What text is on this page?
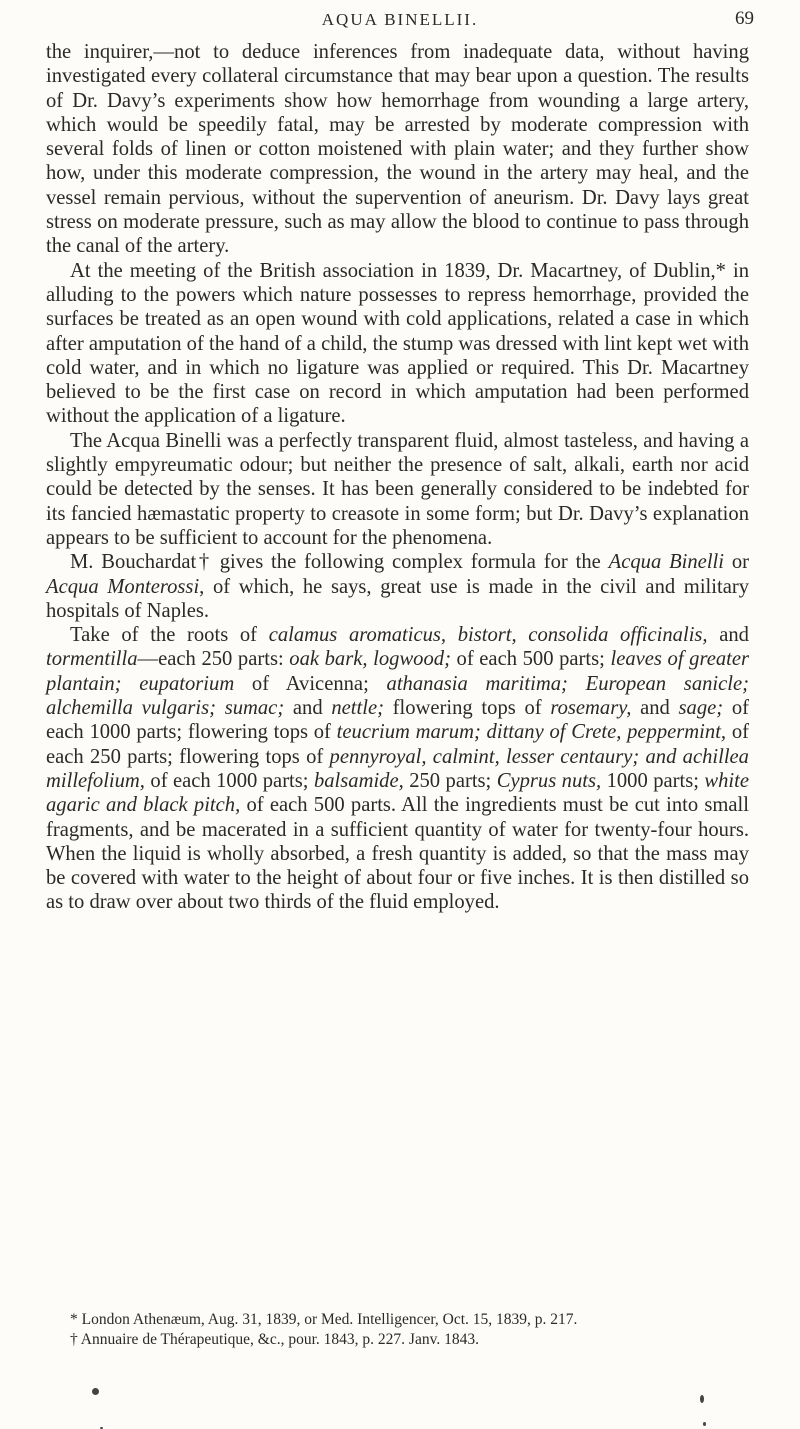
AQUA BINELLII.	69

the inquirer,—not to deduce inferences from inadequate data, without having investigated every collateral circumstance that may bear upon a question. The results of Dr. Davy’s experiments show how hemorrhage from wounding a large artery, which would be speedily fatal, may be arrested by moderate compression with several folds of linen or cotton moistened with plain water; and they further show how, under this moderate compression, the wound in the artery may heal, and the vessel remain pervious, without the supervention of aneurism. Dr. Davy lays great stress on moderate pressure, such as may allow the blood to continue to pass through the canal of the artery.

At the meeting of the British association in 1839, Dr. Macartney, of Dublin,* in alluding to the powers which nature possesses to repress hemorrhage, provided the surfaces be treated as an open wound with cold applications, related a case in which after amputation of the hand of a child, the stump was dressed with lint kept wet with cold water, and in which no ligature was applied or required. This Dr. Macartney believed to be the first case on record in which amputation had been performed without the application of a ligature.

The Acqua Binelli was a perfectly transparent fluid, almost tasteless, and having a slightly empyreumatic odour; but neither the presence of salt, alkali, earth nor acid could be detected by the senses. It has been generally considered to be indebted for its fancied hæmastatic property to creasote in some form; but Dr. Davy’s explanation appears to be sufficient to account for the phenomena.

M. Bouchardat† gives the following complex formula for the Acqua Binelli or Acqua Monterossi, of which, he says, great use is made in the civil and military hospitals of Naples.

Take of the roots of calamus aromaticus, bistort, consolida officinalis, and tormentilla—each 250 parts: oak bark, logwood; of each 500 parts; leaves of greater plantain; eupatorium of Avicenna; athanasia maritima; European sanicle; alchemilla vulgaris; sumac; and nettle; flowering tops of rosemary, and sage; of each 1000 parts; flowering tops of teucrium marum; dittany of Crete, peppermint, of each 250 parts; flowering tops of pennyroyal, calmint, lesser centaury; and achillea millefolium, of each 1000 parts; balsamide, 250 parts; Cyprus nuts, 1000 parts; white agaric and black pitch, of each 500 parts. All the ingredients must be cut into small fragments, and be macerated in a sufficient quantity of water for twenty-four hours. When the liquid is wholly absorbed, a fresh quantity is added, so that the mass may be covered with water to the height of about four or five inches. It is then distilled so as to draw over about two thirds of the fluid employed.

* London Athenæum, Aug. 31, 1839, or Med. Intelligencer, Oct. 15, 1839, p. 217.

† Annuaire de Thérapeutique, &c., pour. 1843, p. 227. Janv. 1843.
